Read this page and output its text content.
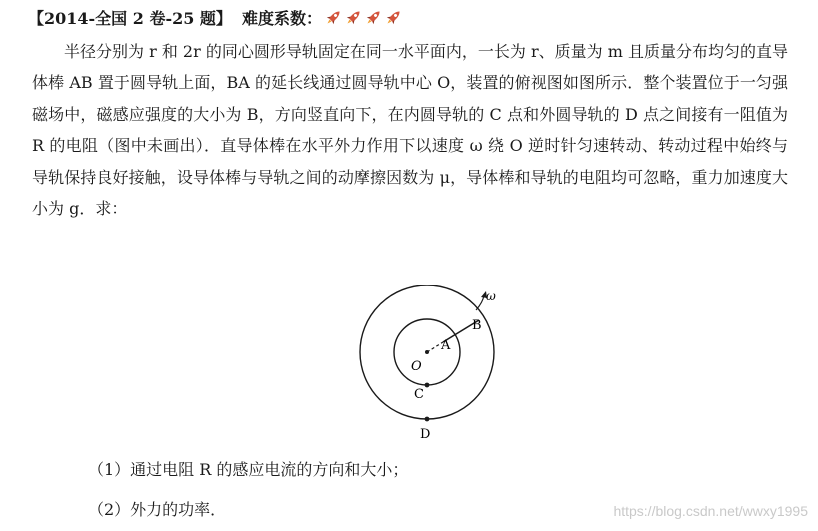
【2014-全国 2 卷-25 题】 难度系数：

半径分别为 r 和 2r 的同心圆形导轨固定在同一水平面内，一长为 r、质量为 m 且质量分布均匀的直导体棒 AB 置于圆导轨上面，BA 的延长线通过圆导轨中心 O，装置的俯视图如图所示．整个装置位于一匀强磁场中，磁感应强度的大小为 B，方向竖直向下，在内圆导轨的 C 点和外圆导轨的 D 点之间接有一阻值为 R 的电阻（图中未画出）．直导体棒在水平外力作用下以速度 ω 绕 O 逆时针匀速转动、转动过程中始终与导轨保持良好接触，设导体棒与导轨之间的动摩擦因数为 μ，导体棒和导轨的电阻均可忽略，重力加速度大小为 g．求：

ω
B
A
O
C
D

（1）通过电阻 R 的感应电流的方向和大小；

（2）外力的功率．	https://blog.csdn.net/wwxy1995
